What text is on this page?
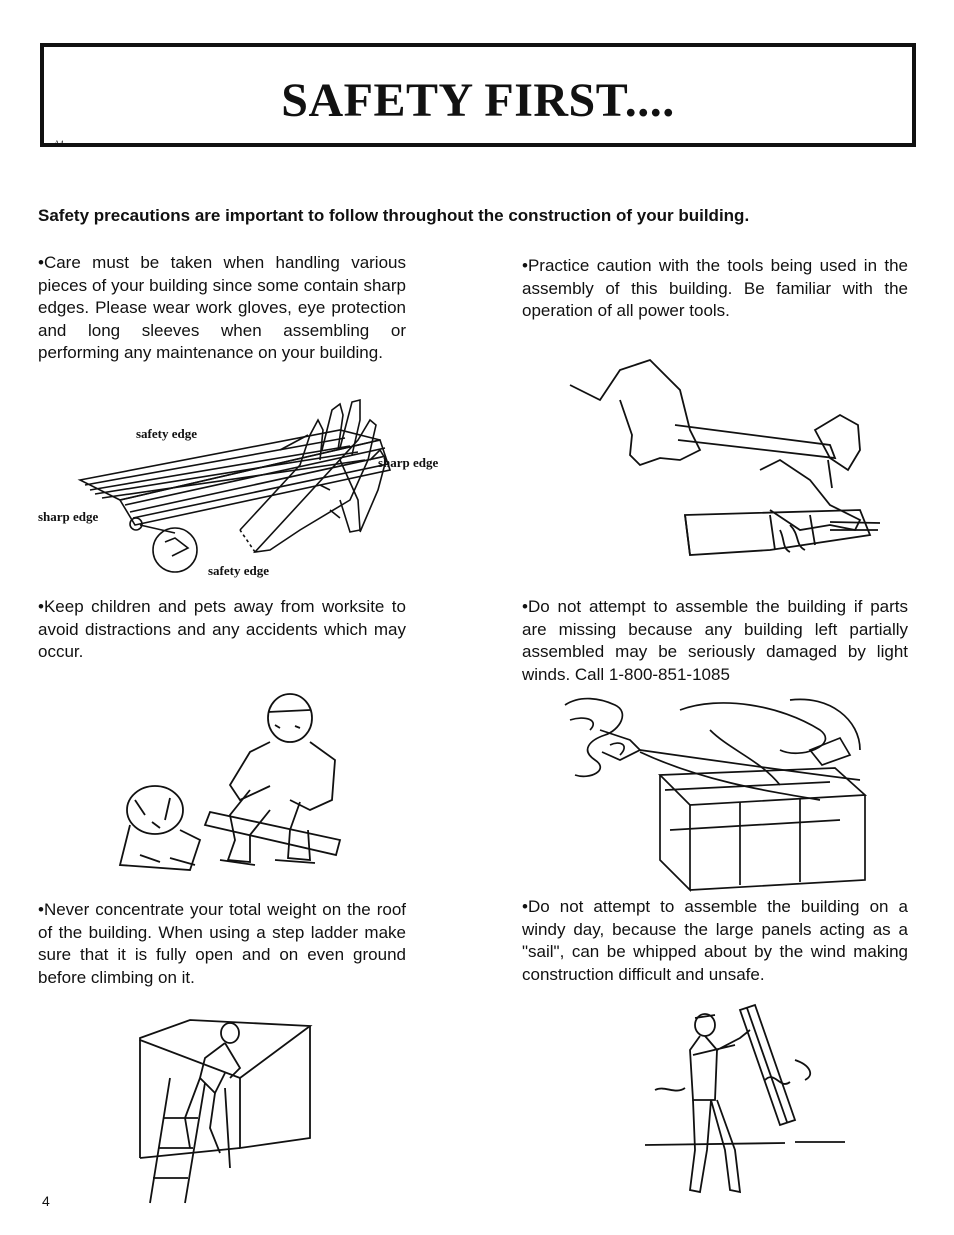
SAFETY FIRST....
A4
Safety precautions are important to follow throughout the construction of your building.
•Care must be taken when handling various pieces of your building since some contain sharp edges. Please wear work gloves, eye protection and long sleeves when assembling or performing any maintenance on your building.
•Practice caution with the tools being used in the assembly of this building. Be familiar with the operation of all power tools.
•Keep children and pets away from worksite to avoid distractions and any accidents which may occur.
•Do not attempt to assemble the building if parts are missing because any building left partially assembled may be seriously damaged by light winds. Call 1-800-851-1085
•Never concentrate your total weight on the roof of the building. When using a step ladder make sure that it is fully open and on even ground before climbing on it.
•Do not attempt to assemble the building on a windy day, because the large panels acting as a "sail", can be whipped about by the wind making construction difficult and unsafe.
safety edge
sharp edge
sharp edge
safety edge
4
